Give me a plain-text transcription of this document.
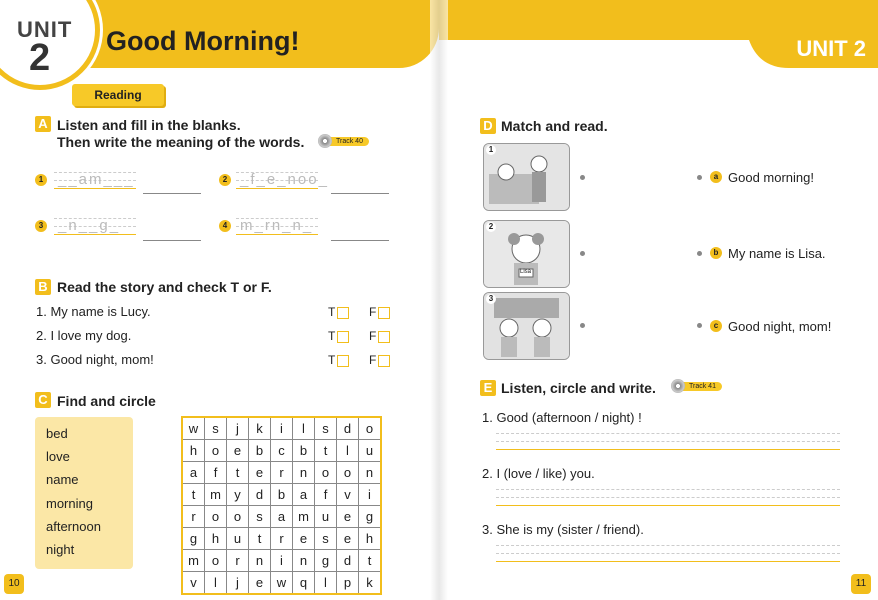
UNIT
2 Good Morning!
Reading
A Listen and fill in the blanks.
Then write the meaning of the words.	Track 40
1 __am___	2 _f_e_noo_
3 _n__g_	4 m_rn_n_
B Read the story and check T or F.
1. My name is Lucy.	T	F
2. I love my dog.	T	F
3. Good night, mom!	T	F
C Find and circle
bed
love
name
morning
afternoon
night
w	s	j	k	i	l	s	d	o
h	o	e	b	c	b	t	l	u
a	f	t	e	r	n	o	o	n
t	m	y	d	b	a	f	v	i
r	o	o	s	a	m	u	e	g
g	h	u	t	r	e	s	e	h
m	o	r	n	i	n	g	d	t
v	l	j	e	w	q	l	p	k
10
UNIT 2
D Match and read.
1
Lisa
2
3
a Good morning!
b My name is Lisa.
c Good night, mom!
E Listen, circle and write.	Track 41
1. Good (afternoon / night) !
2. I (love / like) you.
3. She is my (sister / friend).
11
